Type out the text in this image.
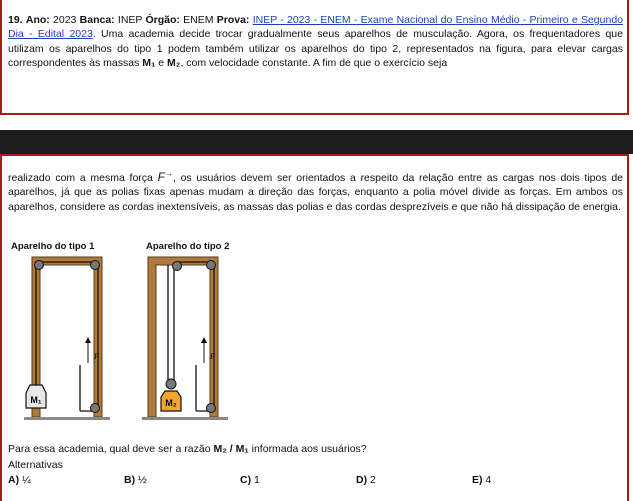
19. Ano: 2023 Banca: INEP Órgão: ENEM Prova: INEP - 2023 - ENEM - Exame Nacional do Ensino Médio - Primeiro e Segundo Dia - Edital 2023. Uma academia decide trocar gradualmente seus aparelhos de musculação. Agora, os frequentadores que utilizam os aparelhos do tipo 1 podem também utilizar os aparelhos do tipo 2, representados na figura, para elevar cargas correspondentes às massas M₁ e M₂, com velocidade constante. A fim de que o exercício seja
realizado com a mesma força F→, os usuários devem ser orientados a respeito da relação entre as cargas nos dois tipos de aparelhos, já que as polias fixas apenas mudam a direção das forças, enquanto a polia móvel divide as forças. Em ambos os aparelhos, considere as cordas inextensíveis, as massas das polias e das cordas desprezíveis e que não há dissipação de energia.
Aparelho do tipo 1	Aparelho do tipo 2
M₁
F
M₂
F
Para essa academia, qual deve ser a razão M₂ / M₁ informada aos usuários?
Alternativas
A) ¼	B) ½	C) 1	D) 2	E) 4
